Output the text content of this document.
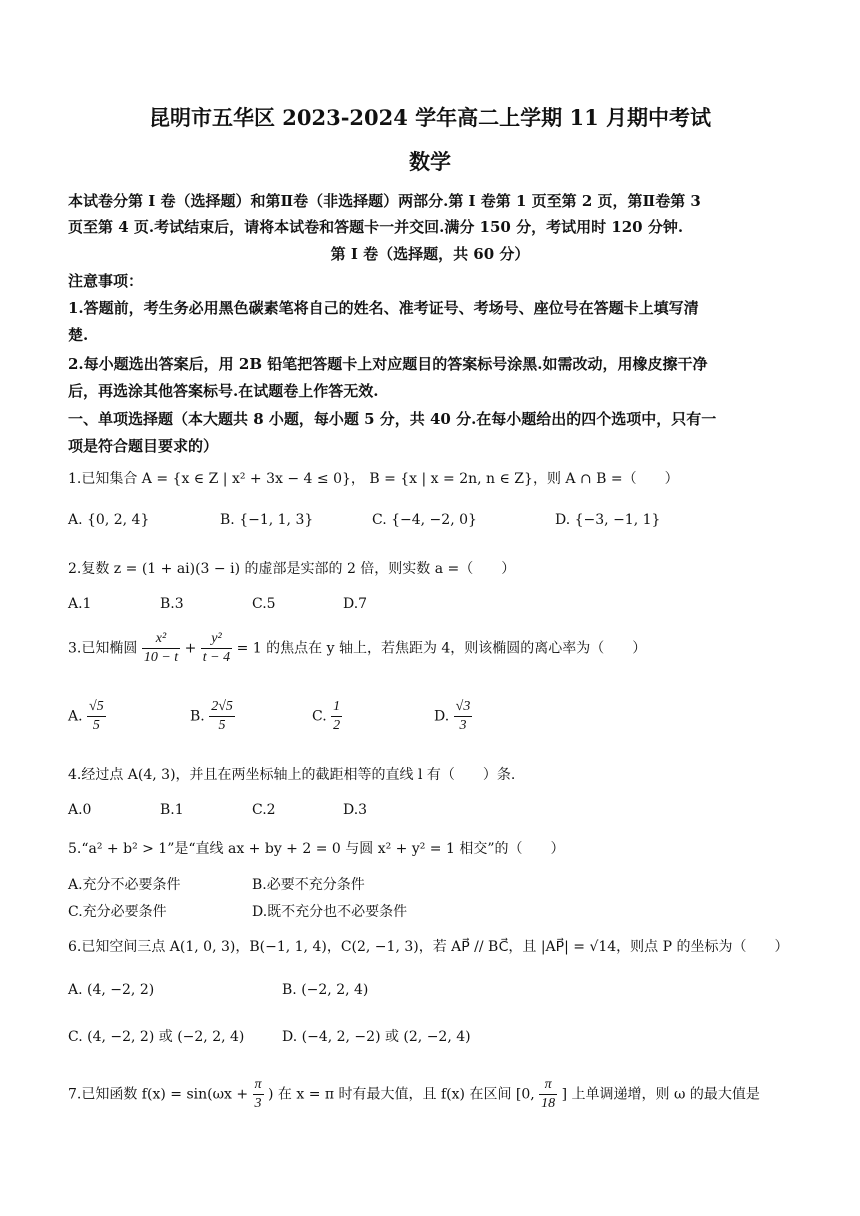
昆明市五华区 2023-2024 学年高二上学期 11 月期中考试
数学
本试卷分第 I 卷（选择题）和第Ⅱ卷（非选择题）两部分.第 I 卷第 1 页至第 2 页，第Ⅱ卷第 3
页至第 4 页.考试结束后，请将本试卷和答题卡一并交回.满分 150 分，考试用时 120 分钟.
第 I 卷（选择题，共 60 分）
注意事项：
1.答题前，考生务必用黑色碳素笔将自己的姓名、准考证号、考场号、座位号在答题卡上填写清
楚.
2.每小题选出答案后，用 2B 铅笔把答题卡上对应题目的答案标号涂黑.如需改动，用橡皮擦干净
后，再选涂其他答案标号.在试题卷上作答无效.
一、单项选择题（本大题共 8 小题，每小题 5 分，共 40 分.在每小题给出的四个选项中，只有一
项是符合题目要求的）
1.已知集合 A = {x ∈ Z | x² + 3x − 4 ≤ 0}， B = {x | x = 2n, n ∈ Z}，则 A ∩ B =（　　）
A. {0, 2, 4}	B. {−1, 1, 3}	C. {−4, −2, 0}	D. {−3, −1, 1}
2.复数 z = (1 + ai)(3 − i) 的虚部是实部的 2 倍，则实数 a =（　　）
A.1	B.3	C.5	D.7
3.已知椭圆 $\frac{\text{x²}}{10 - t} + \frac{\text{y²}}{t - 4} = 1$ 的焦点在 y 轴上，若焦距为 4，则该椭圆的离心率为（　　）
A. $\frac{√5}{5}$	B. $\frac{2√5}{5}$	C. $\frac{1}{2}$	D. $\frac{√3}{3}$
4.经过点 A(4, 3)，并且在两坐标轴上的截距相等的直线 l 有（　　）条.
A.0	B.1	C.2	D.3
5.“a² + b² > 1”是“直线 ax + by + 2 = 0 与圆 x² + y² = 1 相交”的（　　）
A.充分不必要条件	B.必要不充分条件
C.充分必要条件	D.既不充分也不必要条件
6.已知空间三点 A(1, 0, 3)，B(−1, 1, 4)，C(2, −1, 3)，若 AP⃗ // BC⃗，且 |AP⃗| = √14，则点 P 的坐标为（　　）
A. (4, −2, 2)	B. (−2, 2, 4)
C. (4, −2, 2) 或 (−2, 2, 4)	D. (−4, 2, −2) 或 (2, −2, 4)
7.已知函数 $f(x) = \sin(\omega x + \frac{\pi}{3}$ ) 在 x = π 时有最大值，且 f(x) 在区间 [0, $\frac{\pi}{18}$ ] 上单调递增，则 ω 的最大值是
